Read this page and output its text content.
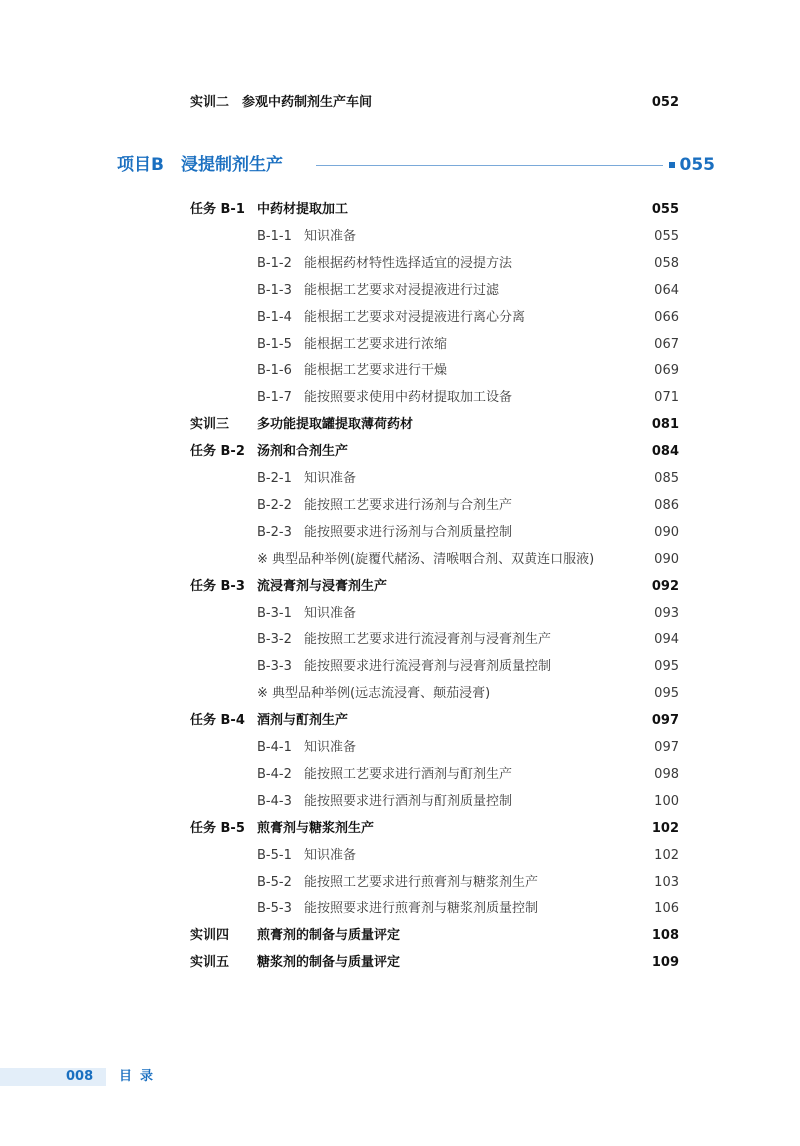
实训二　参观中药制剂生产车间	052
项目B　浸提制剂生产	055
任务 B-1 中药材提取加工	055
B-1-1 知识准备	055
B-1-2 能根据药材特性选择适宜的浸提方法	058
B-1-3 能根据工艺要求对浸提液进行过滤	064
B-1-4 能根据工艺要求对浸提液进行离心分离	066
B-1-5 能根据工艺要求进行浓缩	067
B-1-6 能根据工艺要求进行干燥	069
B-1-7 能按照要求使用中药材提取加工设备	071
实训三 多功能提取罐提取薄荷药材	081
任务 B-2 汤剂和合剂生产	084
B-2-1 知识准备	085
B-2-2 能按照工艺要求进行汤剂与合剂生产	086
B-2-3 能按照要求进行汤剂与合剂质量控制	090
※ 典型品种举例(旋覆代赭汤、清喉咽合剂、双黄连口服液)	090
任务 B-3 流浸膏剂与浸膏剂生产	092
B-3-1 知识准备	093
B-3-2 能按照工艺要求进行流浸膏剂与浸膏剂生产	094
B-3-3 能按照要求进行流浸膏剂与浸膏剂质量控制	095
※ 典型品种举例(远志流浸膏、颠茄浸膏)	095
任务 B-4 酒剂与酊剂生产	097
B-4-1 知识准备	097
B-4-2 能按照工艺要求进行酒剂与酊剂生产	098
B-4-3 能按照要求进行酒剂与酊剂质量控制	100
任务 B-5 煎膏剂与糖浆剂生产	102
B-5-1 知识准备	102
B-5-2 能按照工艺要求进行煎膏剂与糖浆剂生产	103
B-5-3 能按照要求进行煎膏剂与糖浆剂质量控制	106
实训四 煎膏剂的制备与质量评定	108
实训五 糖浆剂的制备与质量评定	109
008 目录
